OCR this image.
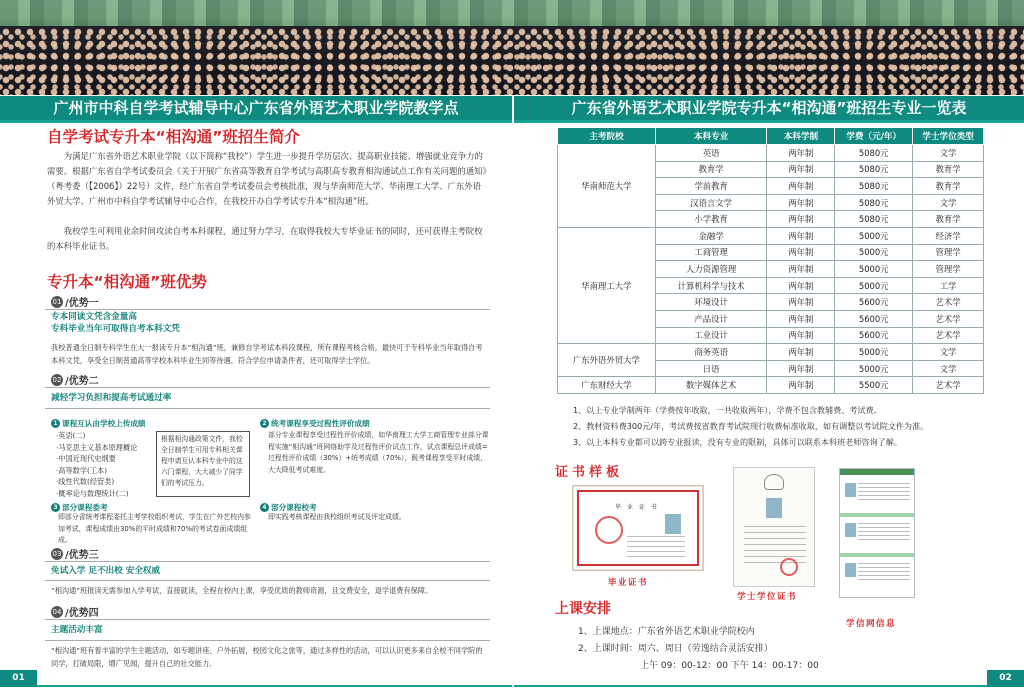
广州市中科自学考试辅导中心广东省外语艺术职业学院教学点	广东省外语艺术职业学院专升本“相沟通”班招生专业一览表
自学考试专升本“相沟通”班招生简介
为满足广东省外语艺术职业学院（以下简称“我校”）学生进一步提升学历层次、提高职业技能、增强就业竞争力的需要。根据广东省自学考试委员会《关于开展广东省高等教育自学考试与高职高专教育相沟通试点工作有关问题的通知》（粤考委（【2006】）22号）文件，经广东省自学考试委员会考核批准，现与华南师范大学、华南理工大学、广东外语外贸大学、广州市中科自学考试辅导中心合作，在我校开办自学考试专升本“相沟通”班。
我校学生可利用业余时间攻读自考本科课程，通过努力学习，在取得我校大专毕业证书的同时，还可获得主考院校的本科毕业证书。
专升本“相沟通”班优势
01 /优势一
专本同读文凭含金量高
专科毕业当年可取得自考本科文凭
我校普通全日制专科学生在大一报读专升本“相沟通”班，兼修自学考试本科段课程，所有课程考核合格，最快可于专科毕业当年取得自考本科文凭，享受全日制普通高等学校本科毕业生同等待遇，符合学位申请条件者，还可取得学士学位。
02 /优势二
减轻学习负担和提高考试通过率
1 课程互认由学校上传成绩
·英语(二)
·马克思主义基本原理概论
·中国近现代史纲要
·高等数学(工本)
·线性代数(经管类)
·概率论与数理统计(二)
根据相沟通政策文件，我校全日制学生可用专科相关课程申请互认本科专业中的这六门课程，大大减少了同学们的考试压力。
2 统考课程享受过程性评价成绩
部分专业课程享受过程性评价成绩，如华南理工大学工商管理专业部分课程实施“相沟通”班网络助学及过程性评价试点工作，试点课程总评成绩=过程性评价成绩（30%）+统考成绩（70%），既考课程享受平时成绩，大大降低考试难度。
3 部分课程委考
即部分省统考课程委托主考学校组织考试，学生在广外艺校内参加考试，课程成绩由30%的平时成绩和70%的考试卷面成绩组成。
4 部分课程校考
即实践考核课程由我校组织考试及评定成绩。
03 /优势三
免试入学 足不出校 安全权威
“相沟通”班报读无需参加入学考试，直接就读，全程在校内上课，享受优质的教师资源，且交费安全，退学退费有保障。
04 /优势四
主题活动丰富
“相沟通”班有着丰富的学生主题活动，如专题讲座、户外拓展，校园文化之旅等，通过多样性的活动，可以认识更多来自全校不同学院的同学，打破局限，增广见闻，提升自己的社交能力。
主考院校	本科专业	本科学制	学费（元/年）	学士学位类型
华南师范大学	英语	两年制	5080元	文学
	教育学	两年制	5080元	教育学
	学前教育	两年制	5080元	教育学
	汉语言文学	两年制	5080元	文学
	小学教育	两年制	5080元	教育学
华南理工大学	金融学	两年制	5000元	经济学
	工商管理	两年制	5000元	管理学
	人力资源管理	两年制	5000元	管理学
	计算机科学与技术	两年制	5000元	工学
	环境设计	两年制	5600元	艺术学
	产品设计	两年制	5600元	艺术学
	工业设计	两年制	5600元	艺术学
广东外语外贸大学	商务英语	两年制	5000元	文学
	日语	两年制	5000元	文学
广东财经大学	数字媒体艺术	两年制	5500元	艺术学
1、以上专业学制两年（学费按年收取，一共收取两年），学费不包含教辅费、考试费。
2、教材资料费300元/年，考试费按省教育考试院现行收费标准收取，如有调整以考试院文件为准。
3、以上本科专业都可以跨专业报读，没有专业的限制，具体可以联系本科班老师咨询了解。
证书样板
毕 业 证 书
毕业证书
学士学位证书
学信网信息
上课安排
1、上课地点：广东省外语艺术职业学院校内
2、上课时间：周六、周日（劳逸结合灵活安排）
上午 09：00-12：00 下午 14：00-17：00
01	02
